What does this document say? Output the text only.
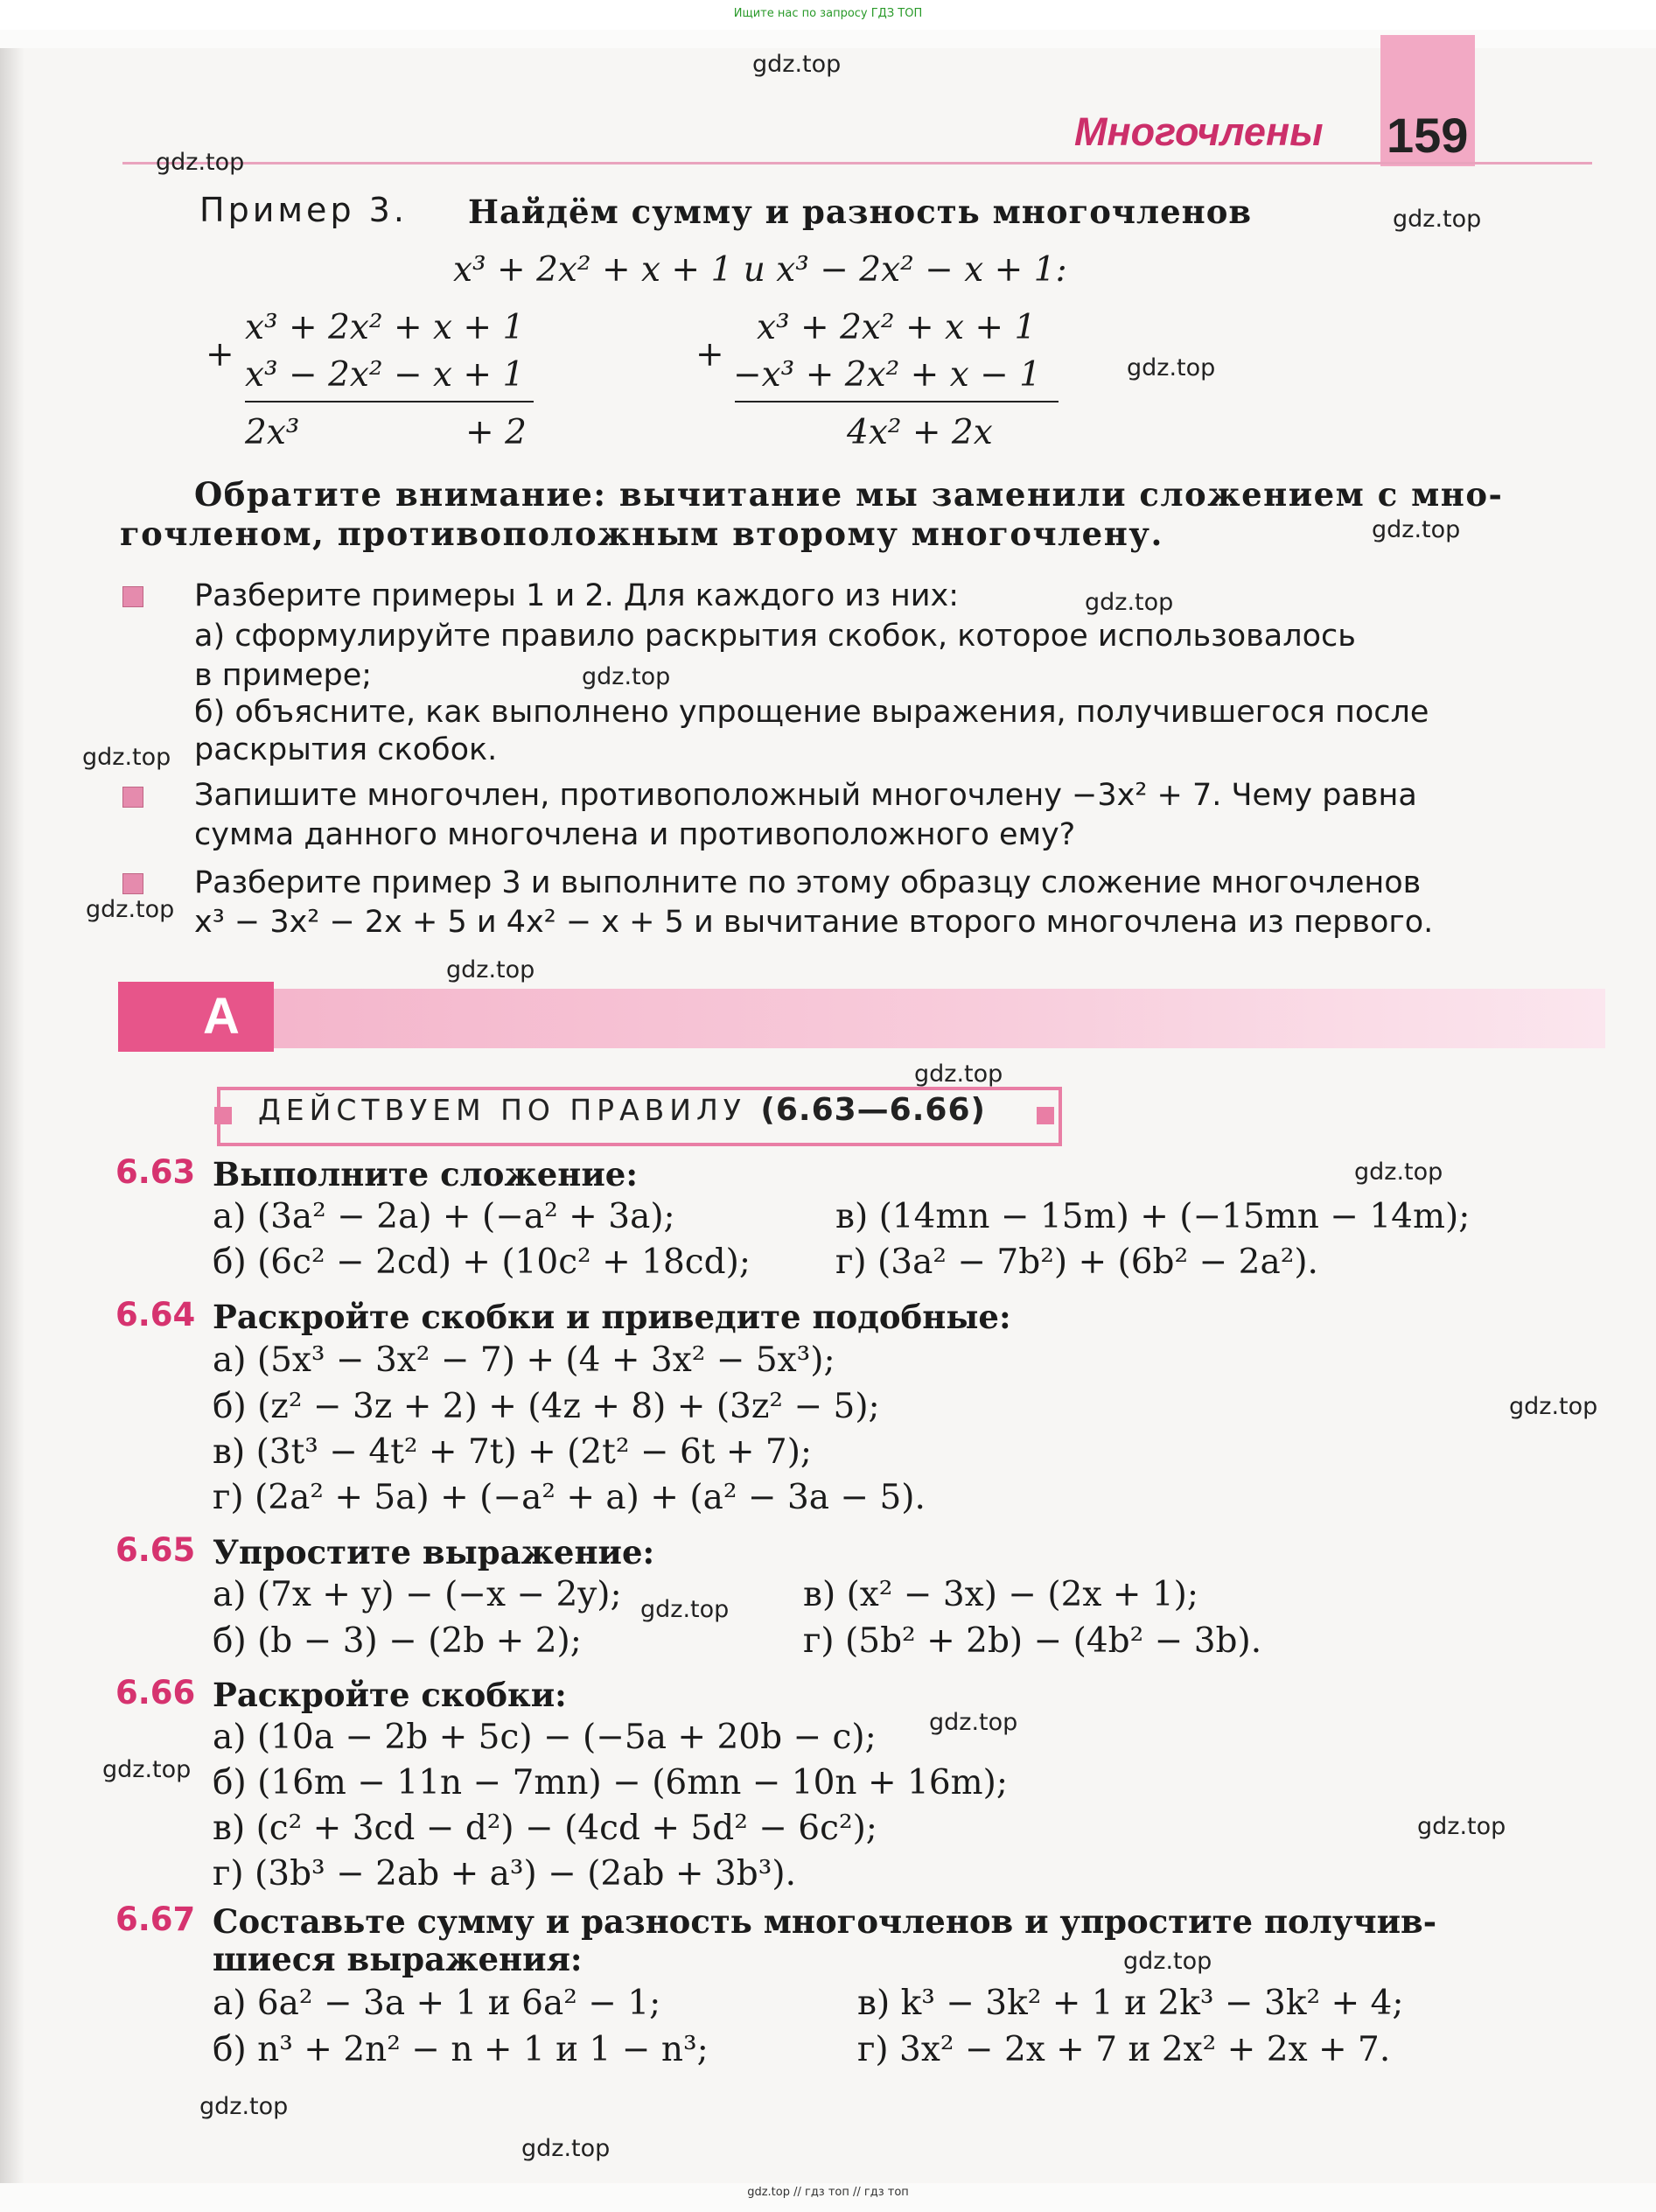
Ищите нас по запросу ГДЗ ТОП
Многочлены 159
Пример 3. Найдём сумму и разность многочленов
x³ + 2x² + x + 1 и x³ − 2x² − x + 1:
+
x³ + 2x² + x + 1
x³ − 2x² − x + 1
2x³	+ 2
+
x³ + 2x² + x + 1
−x³ + 2x² + x − 1
4x² + 2x
Обратите внимание: вычитание мы заменили сложением с мно-
гочленом, противоположным второму многочлену.
Разберите примеры 1 и 2. Для каждого из них:
а) сформулируйте правило раскрытия скобок, которое использовалось
в примере;
б) объясните, как выполнено упрощение выражения, получившегося после
раскрытия скобок.
Запишите многочлен, противоположный многочлену −3x² + 7. Чему равна
сумма данного многочлена и противоположного ему?
Разберите пример 3 и выполните по этому образцу сложение многочленов
x³ − 3x² − 2x + 5 и 4x² − x + 5 и вычитание второго многочлена из первого.
А
ДЕЙСТВУЕМ ПО ПРАВИЛУ (6.63—6.66)
6.63 Выполните сложение:
а) (3a² − 2a) + (−a² + 3a);	в) (14mn − 15m) + (−15mn − 14m);
б) (6c² − 2cd) + (10c² + 18cd); г) (3a² − 7b²) + (6b² − 2a²).
6.64 Раскройте скобки и приведите подобные:
а) (5x³ − 3x² − 7) + (4 + 3x² − 5x³);
б) (z² − 3z + 2) + (4z + 8) + (3z² − 5);
в) (3t³ − 4t² + 7t) + (2t² − 6t + 7);
г) (2a² + 5a) + (−a² + a) + (a² − 3a − 5).
6.65 Упростите выражение:
а) (7x + y) − (−x − 2y);	в) (x² − 3x) − (2x + 1);
б) (b − 3) − (2b + 2);	г) (5b² + 2b) − (4b² − 3b).
6.66 Раскройте скобки:
а) (10a − 2b + 5c) − (−5a + 20b − c);
б) (16m − 11n − 7mn) − (6mn − 10n + 16m);
в) (c² + 3cd − d²) − (4cd + 5d² − 6c²);
г) (3b³ − 2ab + a³) − (2ab + 3b³).
6.67 Составьте сумму и разность многочленов и упростите получив-
шиеся выражения:
а) 6a² − 3a + 1 и 6a² − 1;	в) k³ − 3k² + 1 и 2k³ − 3k² + 4;
б) n³ + 2n² − n + 1 и 1 − n³;	г) 3x² − 2x + 7 и 2x² + 2x + 7.
gdz.top
gdz.top
gdz.top
gdz.top
gdz.top
gdz.top
gdz.top
gdz.top
gdz.top
gdz.top
gdz.top
gdz.top
gdz.top
gdz.top
gdz.top
gdz.top
gdz.top
gdz.top
gdz.top
gdz.top
gdz.top // гдз топ // гдз топ
